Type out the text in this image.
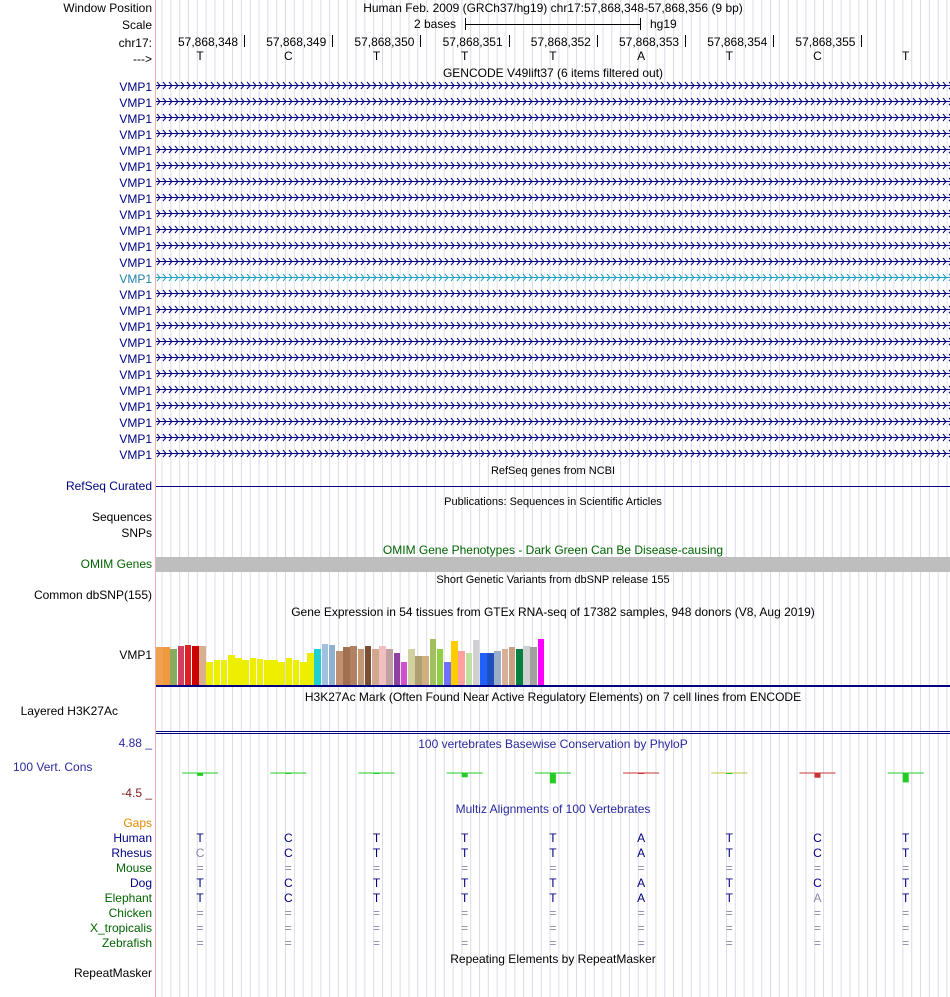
Window Position	Human Feb. 2009 (GRCh37/hg19) chr17:57,868,348-57,868,356 (9 bp)
Scale	2 bases	hg19
chr17: 57,868,348 57,868,349 57,868,350 57,868,351 57,868,352 57,868,353 57,868,354 57,868,355
--->	T	C	T	T	T	A	T	C	T
GENCODE V49lift37 (6 items filtered out)
VMP1
VMP1
VMP1
VMP1
VMP1
VMP1
VMP1
VMP1
VMP1
VMP1
VMP1
VMP1
VMP1
VMP1
VMP1
VMP1
VMP1
VMP1
VMP1
VMP1
VMP1
VMP1
VMP1
VMP1
RefSeq genes from NCBI
RefSeq Curated
Publications: Sequences in Scientific Articles
Sequences
SNPs
OMIM Gene Phenotypes - Dark Green Can Be Disease-causing
OMIM Genes
Short Genetic Variants from dbSNP release 155
Common dbSNP(155)
Gene Expression in 54 tissues from GTEx RNA-seq of 17382 samples, 948 donors (V8, Aug 2019)
VMP1
H3K27Ac Mark (Often Found Near Active Regulatory Elements) on 7 cell lines from ENCODE
Layered H3K27Ac
100 vertebrates Basewise Conservation by PhyloP
4.88 _
100 Vert. Cons
-4.5 _
Multiz Alignments of 100 Vertebrates
Gaps
Human	T	C	T	T	T	A	T	C	T
Rhesus	C	C	T	T	T	A	T	C	T
Mouse	=	=	=	=	=	=	=	=	=
Dog	T	C	T	T	T	A	T	C	T
Elephant	T	C	T	T	T	A	T	A	T
Chicken	=	=	=	=	=	=	=	=	=
X_tropicalis	=	=	=	=	=	=	=	=	=
Zebrafish	=	=	=	=	=	=	=	=	=
Repeating Elements by RepeatMasker
RepeatMasker
